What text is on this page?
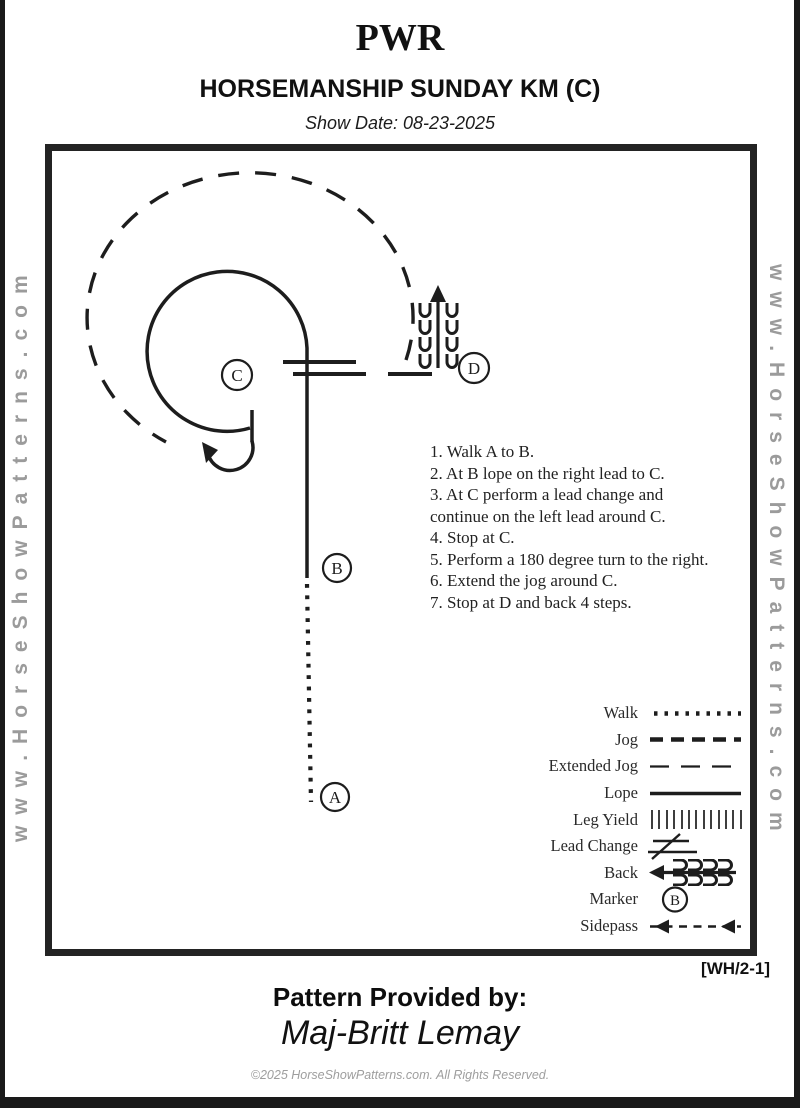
PWR
HORSEMANSHIP SUNDAY KM (C)
Show Date: 08-23-2025
www.HorseShowPatterns.com	www.HorseShowPatterns.com
C	D
B
A

1. Walk A to B.

2. At B lope on the right lead to C.

3. At C perform a lead change and continue on the left lead around C.

4. Stop at C.

5. Perform a 180 degree turn to the right.

6. Extend the jog around C.

7. Stop at D and back 4 steps.

Walk
Jog
Extended Jog
Lope
Leg Yield
Lead Change
Back
Marker B
Sidepass
[WH/2-1]
Pattern Provided by:
Maj-Britt Lemay
©2025 HorseShowPatterns.com. All Rights Reserved.
